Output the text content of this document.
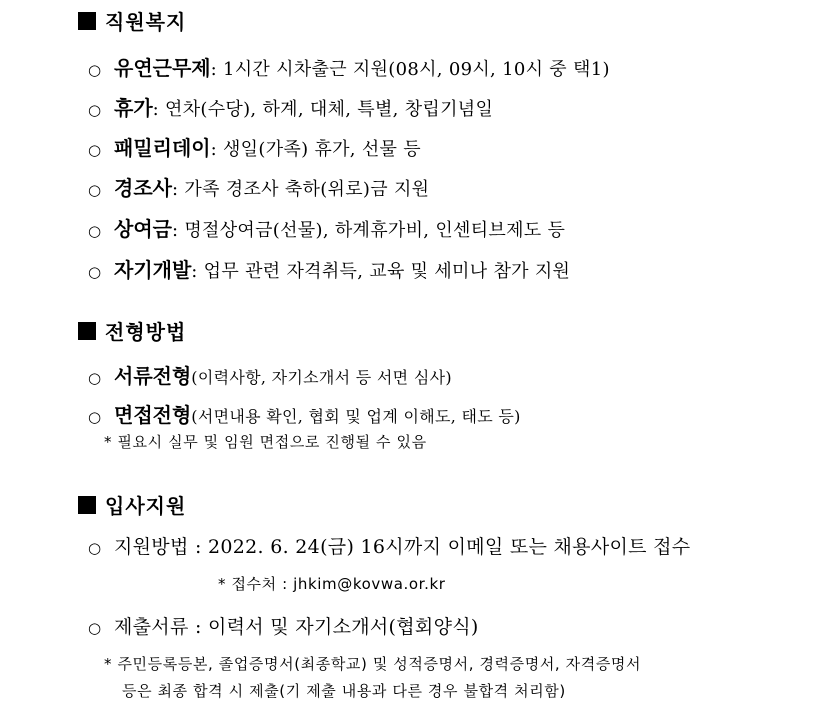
직원복지
○ 유연근무제 : 1시간 시차출근 지원(08시, 09시, 10시 중 택1)
○ 휴가 : 연차(수당), 하계, 대체, 특별, 창립기념일
○ 패밀리데이 : 생일(가족) 휴가, 선물 등
○ 경조사 : 가족 경조사 축하(위로)금 지원
○ 상여금 : 명절상여금(선물), 하계휴가비, 인센티브제도 등
○ 자기개발 : 업무 관련 자격취득, 교육 및 세미나 참가 지원
전형방법
○ 서류전형 (이력사항, 자기소개서 등 서면 심사)
○ 면접전형 (서면내용 확인, 협회 및 업계 이해도, 태도 등)
* 필요시 실무 및 임원 면접으로 진행될 수 있음
입사지원
○ 지원방법 : 2022. 6. 24(금) 16시까지 이메일 또는 채용사이트 접수
* 접수처 : jhkim@kovwa.or.kr
○ 제출서류 : 이력서 및 자기소개서(협회양식)
* 주민등록등본, 졸업증명서(최종학교) 및 성적증명서, 경력증명서, 자격증명서
등은 최종 합격 시 제출(기 제출 내용과 다른 경우 불합격 처리함)
